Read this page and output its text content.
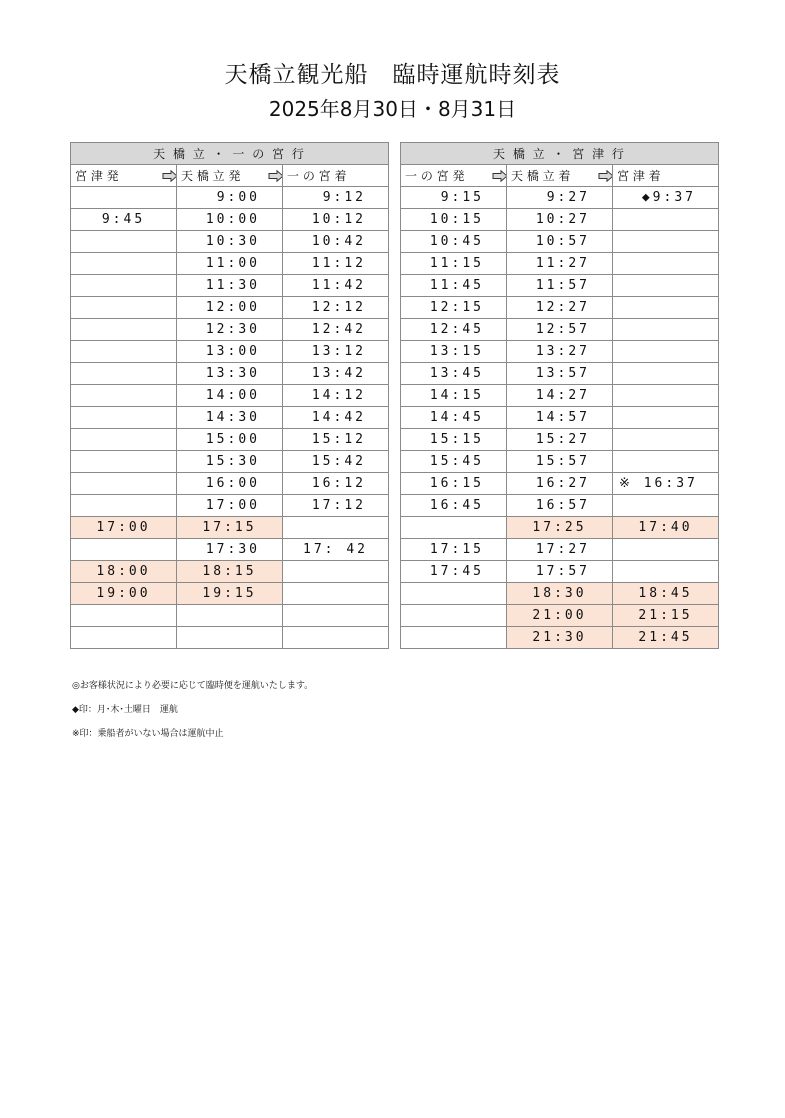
天橋立観光船　臨時運航時刻表
2025年8月30日・8月31日
天 橋 立 ・ 一 の 宮 行		
宮 津 発	天 橋 立 発	一 の 宮 着
	9:00	9:12
9:45	10:00	10:12
	10:30	10:42
	11:00	11:12
	11:30	11:42
	12:00	12:12
	12:30	12:42
	13:00	13:12
	13:30	13:42
	14:00	14:12
	14:30	14:42
	15:00	15:12
	15:30	15:42
	16:00	16:12
	17:00	17:12
17:00	17:15	
	17:30	17: 42
18:00	18:15	
19:00	19:15	

天 橋 立 ・ 宮 津 行		
一 の 宮 発	天 橋 立 着	宮 津 着
9:15	9:27	◆9:37
10:15	10:27	
10:45	10:57	
11:15	11:27	
11:45	11:57	
12:15	12:27	
12:45	12:57	
13:15	13:27	
13:45	13:57	
14:15	14:27	
14:45	14:57	
15:15	15:27	
15:45	15:57	
16:15	16:27	※ 16:37
16:45	16:57	
	17:25	17:40
17:15	17:27	
17:45	17:57	
	18:30	18:45
	21:00	21:15
	21:30	21:45

◎お客様状況により必要に応じて臨時便を運航いたします。

◆印：月･木･土曜日　運航

※印：乗船者がいない場合は運航中止
